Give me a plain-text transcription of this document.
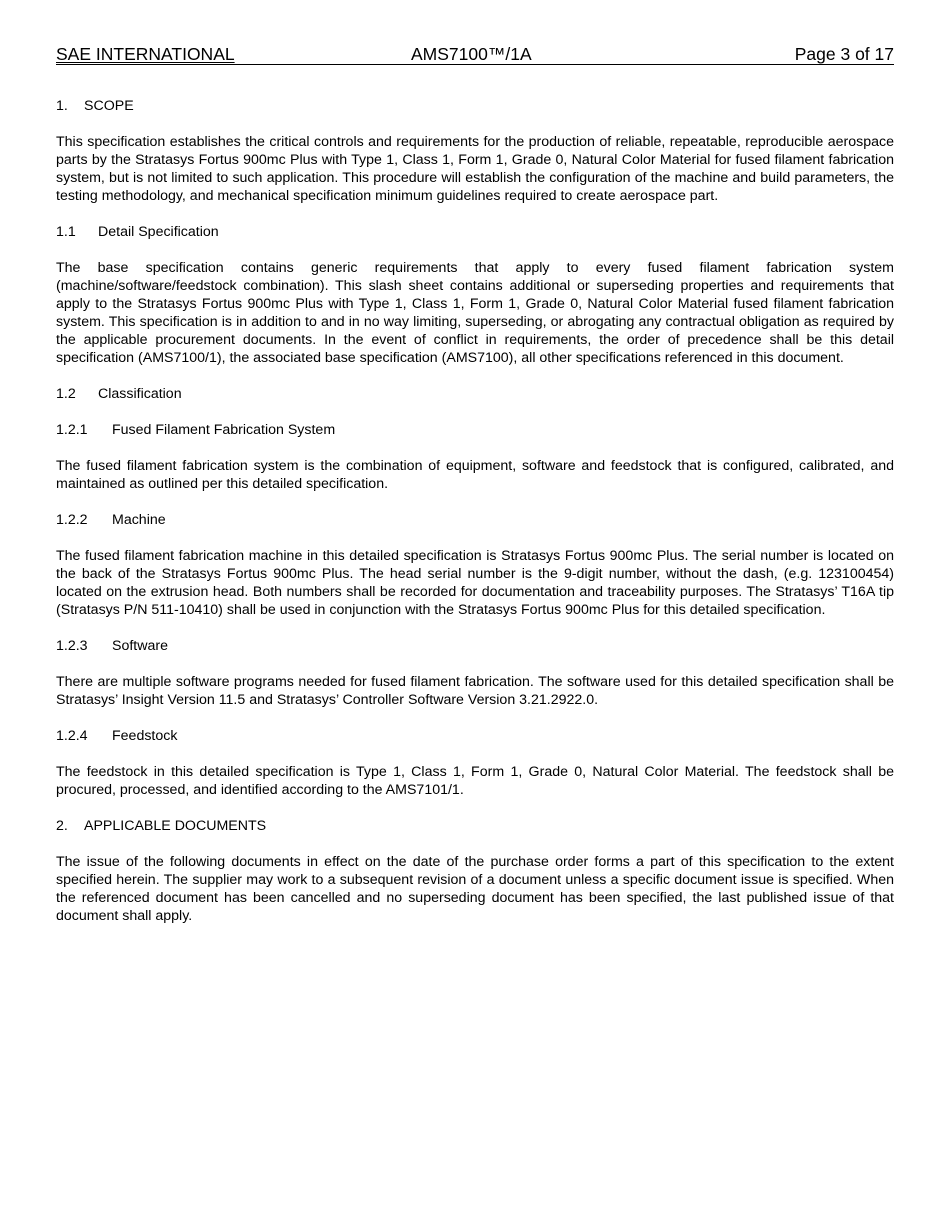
SAE INTERNATIONAL	AMS7100™/1A	Page 3 of 17
1. SCOPE

This specification establishes the critical controls and requirements for the production of reliable, repeatable, reproducible aerospace parts by the Stratasys Fortus 900mc Plus with Type 1, Class 1, Form 1, Grade 0, Natural Color Material for fused filament fabrication system, but is not limited to such application. This procedure will establish the configuration of the machine and build parameters, the testing methodology, and mechanical specification minimum guidelines required to create aerospace part.

1.1 Detail Specification

The base specification contains generic requirements that apply to every fused filament fabrication system (machine/software/feedstock combination). This slash sheet contains additional or superseding properties and requirements that apply to the Stratasys Fortus 900mc Plus with Type 1, Class 1, Form 1, Grade 0, Natural Color Material fused filament fabrication system. This specification is in addition to and in no way limiting, superseding, or abrogating any contractual obligation as required by the applicable procurement documents. In the event of conflict in requirements, the order of precedence shall be this detail specification (AMS7100/1), the associated base specification (AMS7100), all other specifications referenced in this document.

1.2 Classification
1.2.1 Fused Filament Fabrication System

The fused filament fabrication system is the combination of equipment, software and feedstock that is configured, calibrated, and maintained as outlined per this detailed specification.

1.2.2 Machine

The fused filament fabrication machine in this detailed specification is Stratasys Fortus 900mc Plus. The serial number is located on the back of the Stratasys Fortus 900mc Plus. The head serial number is the 9-digit number, without the dash, (e.g. 123100454) located on the extrusion head. Both numbers shall be recorded for documentation and traceability purposes. The Stratasys’ T16A tip (Stratasys P/N 511-10410) shall be used in conjunction with the Stratasys Fortus 900mc Plus for this detailed specification.

1.2.3 Software

There are multiple software programs needed for fused filament fabrication. The software used for this detailed specification shall be Stratasys’ Insight Version 11.5 and Stratasys’ Controller Software Version 3.21.2922.0.

1.2.4 Feedstock

The feedstock in this detailed specification is Type 1, Class 1, Form 1, Grade 0, Natural Color Material. The feedstock shall be procured, processed, and identified according to the AMS7101/1.

2. APPLICABLE DOCUMENTS

The issue of the following documents in effect on the date of the purchase order forms a part of this specification to the extent specified herein. The supplier may work to a subsequent revision of a document unless a specific document issue is specified. When the referenced document has been cancelled and no superseding document has been specified, the last published issue of that document shall apply.
